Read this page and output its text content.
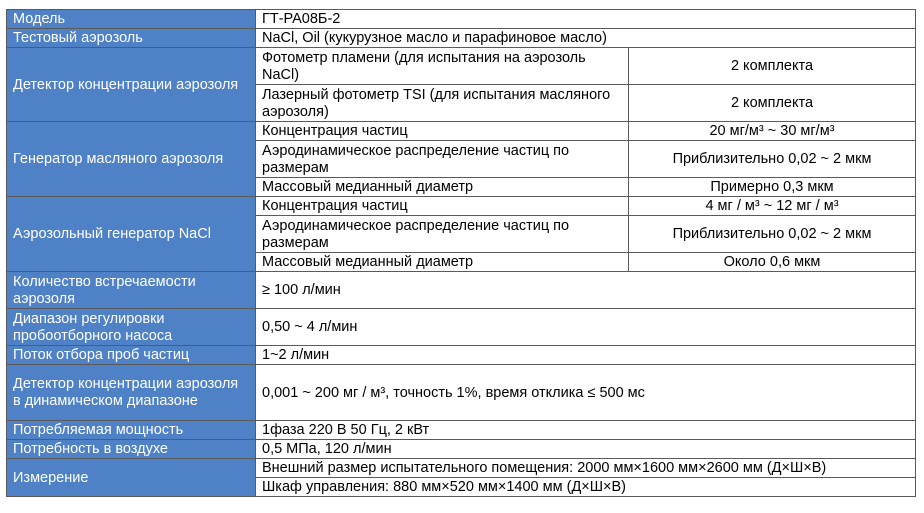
Модель	ГТ-PA08Б-2	
Тестовый аэрозоль	NaCl, Oil (кукурузное масло и парафиновое масло)	
Детектор концентрации аэрозоля	Фотометр пламени (для испытания на аэрозоль NaCl)	2 комплекта
	Лазерный фотометр TSI (для испытания масляного аэрозоля)	2 комплекта
Генератор масляного аэрозоля	Концентрация частиц	20 мг/м³ ~ 30 мг/м³
	Аэродинамическое распределение частиц по размерам	Приблизительно 0,02 ~ 2 мкм
	Массовый медианный диаметр	Примерно 0,3 мкм
Аэрозольный генератор NaCl	Концентрация частиц	4 мг / м³ ~ 12 мг / м³
	Аэродинамическое распределение частиц по размерам	Приблизительно 0,02 ~ 2 мкм
	Массовый медианный диаметр	Около 0,6 мкм
Количество встречаемости аэрозоля	≥ 100 л/мин	
Диапазон регулировки пробоотборного насоса	0,50 ~ 4 л/мин	
Поток отбора проб частиц	1~2 л/мин	
Детектор концентрации аэрозоля в динамическом диапазоне	0,001 ~ 200 мг / м³, точность 1%, время отклика ≤ 500 мс	
Потребляемая мощность	1фаза 220 В 50 Гц, 2 кВт	
Потребность в воздухе	0,5 МПа, 120 л/мин	
Измерение	Внешний размер испытательного помещения: 2000 мм×1600 мм×2600 мм (Д×Ш×В)	
	Шкаф управления: 880 мм×520 мм×1400 мм (Д×Ш×В)	
